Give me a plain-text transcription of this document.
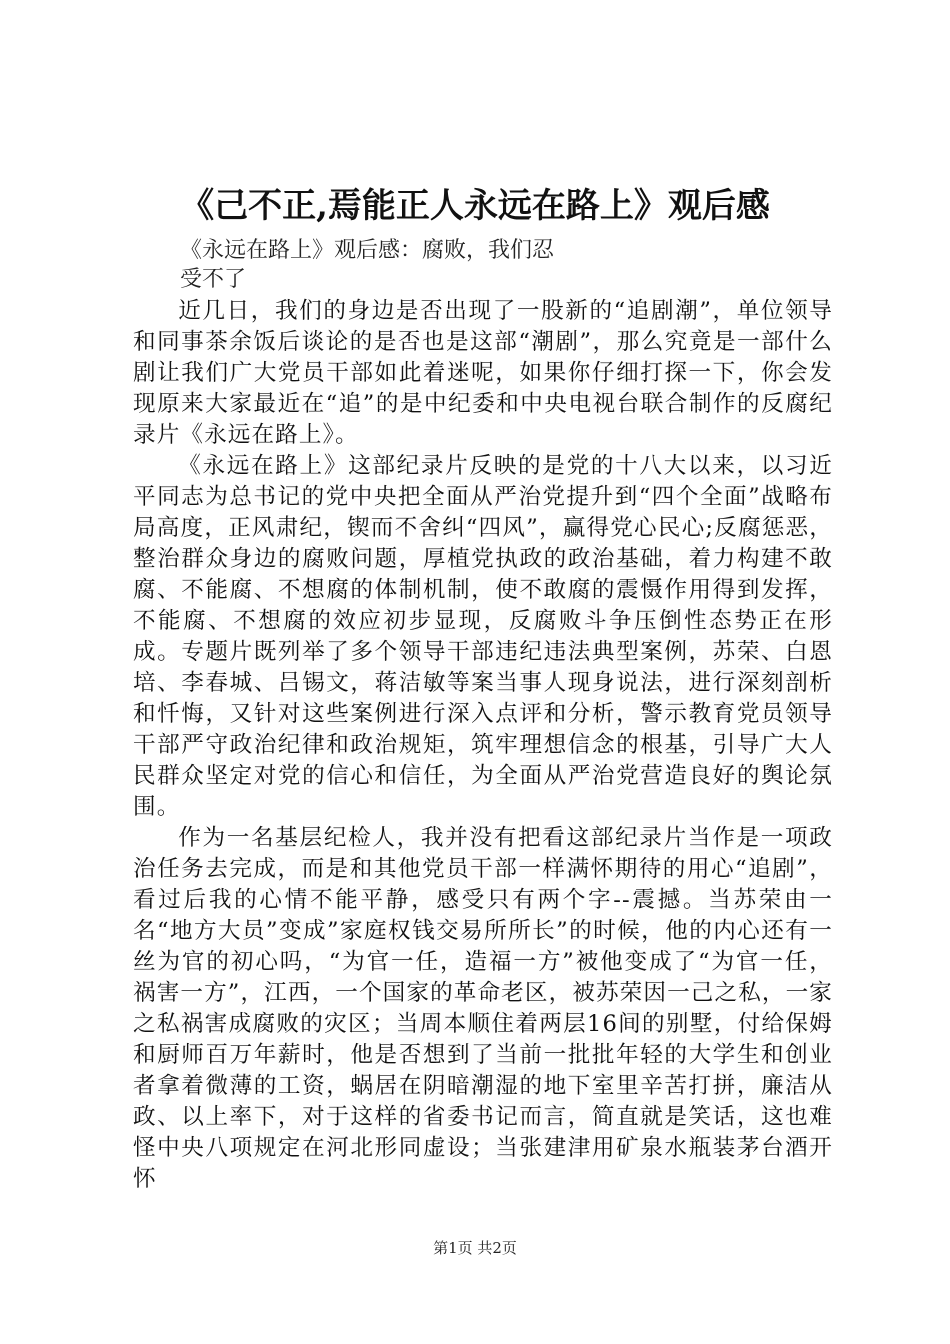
《己不正,焉能正人永远在路上》观后感
《永远在路上》观后感：腐败，我们忍
受不了

近几日，我们的身边是否出现了一股新的“追剧潮”，单位领导和同事茶余饭后谈论的是否也是这部“潮剧”，那么究竟是一部什么剧让我们广大党员干部如此着迷呢，如果你仔细打探一下，你会发现原来大家最近在“追”的是中纪委和中央电视台联合制作的反腐纪录片《永远在路上》。

《永远在路上》这部纪录片反映的是党的十八大以来，以习近平同志为总书记的党中央把全面从严治党提升到“四个全面”战略布局高度，正风肃纪，锲而不舍纠“四风”，赢得党心民心;反腐惩恶，整治群众身边的腐败问题，厚植党执政的政治基础，着力构建不敢腐、不能腐、不想腐的体制机制，使不敢腐的震慑作用得到发挥，不能腐、不想腐的效应初步显现，反腐败斗争压倒性态势正在形成。专题片既列举了多个领导干部违纪违法典型案例，苏荣、白恩培、李春城、吕锡文，蒋洁敏等案当事人现身说法，进行深刻剖析和忏悔，又针对这些案例进行深入点评和分析，警示教育党员领导干部严守政治纪律和政治规矩，筑牢理想信念的根基，引导广大人民群众坚定对党的信心和信任，为全面从严治党营造良好的舆论氛围。

作为一名基层纪检人，我并没有把看这部纪录片当作是一项政治任务去完成，而是和其他党员干部一样满怀期待的用心“追剧”，看过后我的心情不能平静，感受只有两个字--震撼。当苏荣由一名“地方大员”变成”家庭权钱交易所所长”的时候，他的内心还有一丝为官的初心吗，“为官一任，造福一方”被他变成了“为官一任，祸害一方”，江西，一个国家的革命老区，被苏荣因一己之私，一家之私祸害成腐败的灾区；当周本顺住着两层16间的别墅，付给保姆和厨师百万年薪时，他是否想到了当前一批批年轻的大学生和创业者拿着微薄的工资，蜗居在阴暗潮湿的地下室里辛苦打拼，廉洁从政、以上率下，对于这样的省委书记而言，简直就是笑话，这也难怪中央八项规定在河北形同虚设；当张建津用矿泉水瓶装茅台酒开怀

第1页 共2页
